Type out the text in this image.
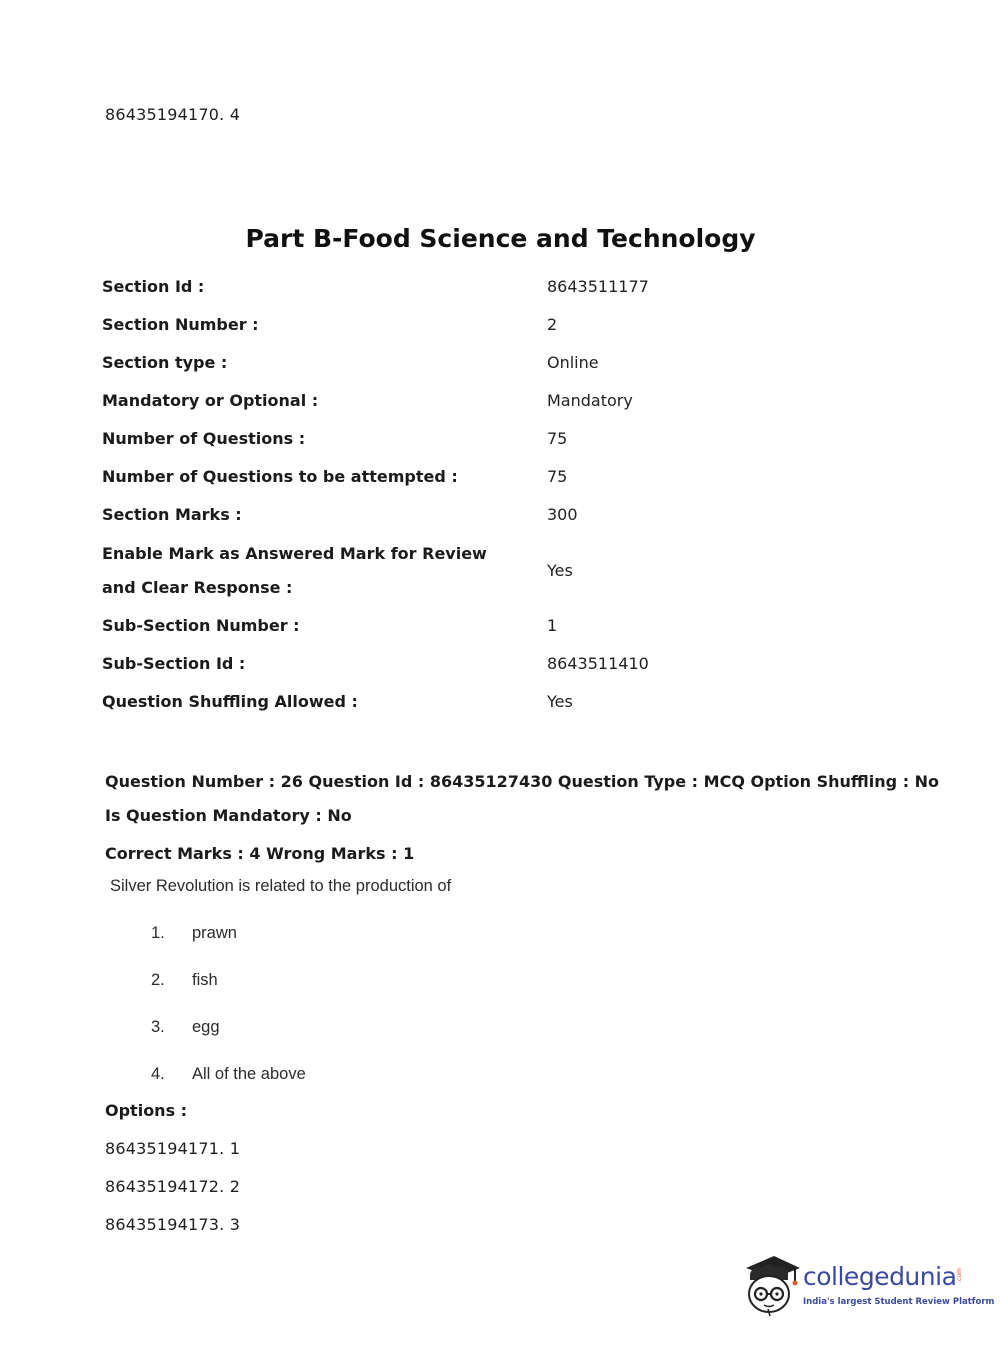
86435194170. 4
Part B-Food Science and Technology
Section Id :	8643511177
Section Number :	2
Section type :	Online
Mandatory or Optional :	Mandatory
Number of Questions :	75
Number of Questions to be attempted :	75
Section Marks :	300
Enable Mark as Answered Mark for Review and Clear Response :
Yes
Sub-Section Number :	1
Sub-Section Id :	8643511410
Question Shuffling Allowed :	Yes
Question Number : 26 Question Id : 86435127430 Question Type : MCQ Option Shuffling : No
Is Question Mandatory : No
Correct Marks : 4 Wrong Marks : 1
Silver Revolution is related to the production of
1. prawn
2. fish
3. egg
4. All of the above
Options :
86435194171. 1
86435194172. 2
86435194173. 3
collegedunia .com
India's largest Student Review Platform
